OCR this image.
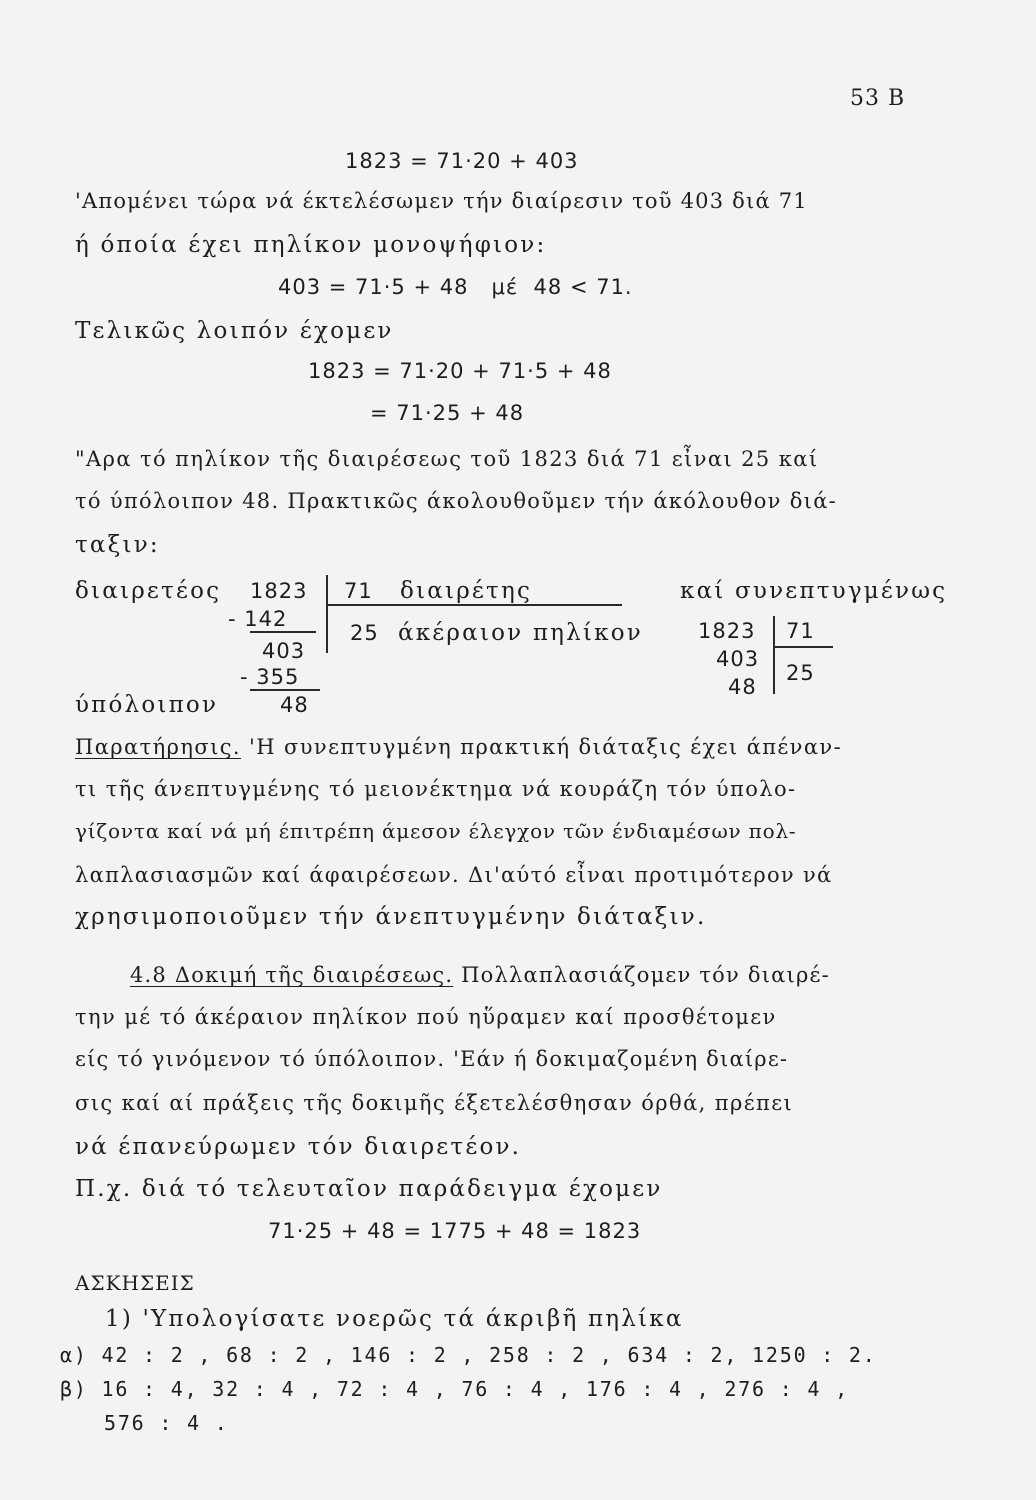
53 B
1823 = 71·20 + 403
'Απομένει τώρα νά έκτελέσωμεν τήν διαίρεσιν τοῦ 403 διά 71
ή όποία έχει πηλίκον μονοψήφιον:
403 = 71·5 + 48   μέ  48 < 71.
Τελικῶς λοιπόν έχομεν
1823 = 71·20 + 71·5 + 48
= 71·25 + 48
"Αρα τό πηλίκον τῆς διαιρέσεως τοῦ 1823 διά 71 εἶναι 25 καί
τό ύπόλοιπον 48. Πρακτικῶς άκολουθοῦμεν τήν άκόλουθον διά-
ταξιν:
διαιρετέος 1823 71 διαιρέτης
- 142
25 άκέραιον πηλίκον
403
- 355
ύπόλοιπον	48
καί συνεπτυγμένως
1823 71
403
25
48
Παρατήρησις. 'Η συνεπτυγμένη πρακτική διάταξις έχει άπέναν-
τι τῆς άνεπτυγμένης τό μειονέκτημα νά κουράζη τόν ύπολο-
γίζοντα καί νά μή έπιτρέπη άμεσον έλεγχον τῶν ένδιαμέσων πολ-
λαπλασιασμῶν καί άφαιρέσεων. Δι'αύτό εἶναι προτιμότερον νά
χρησιμοποιοῦμεν τήν άνεπτυγμένην διάταξιν.
4.8 Δοκιμή τῆς διαιρέσεως. Πολλαπλασιάζομεν τόν διαιρέ-
την μέ τό άκέραιον πηλίκον πού ηὕραμεν καί προσθέτομεν
είς τό γινόμενον τό ύπόλοιπον. 'Εάν ή δοκιμαζομένη διαίρε-
σις καί αί πράξεις τῆς δοκιμῆς έξετελέσθησαν όρθά, πρέπει
νά έπανεύρωμεν τόν διαιρετέον.
Π.χ. διά τό τελευταῖον παράδειγμα έχομεν
71·25 + 48 = 1775 + 48 = 1823
ΑΣΚΗΣΕΙΣ
1) 'Υπολογίσατε νοερῶς τά άκριβῆ πηλίκα
α) 42 : 2 , 68 : 2 , 146 : 2 , 258 : 2 , 634 : 2, 1250 : 2.
β) 16 : 4, 32 : 4 , 72 : 4 , 76 : 4 , 176 : 4 , 276 : 4 ,
576 : 4 .
